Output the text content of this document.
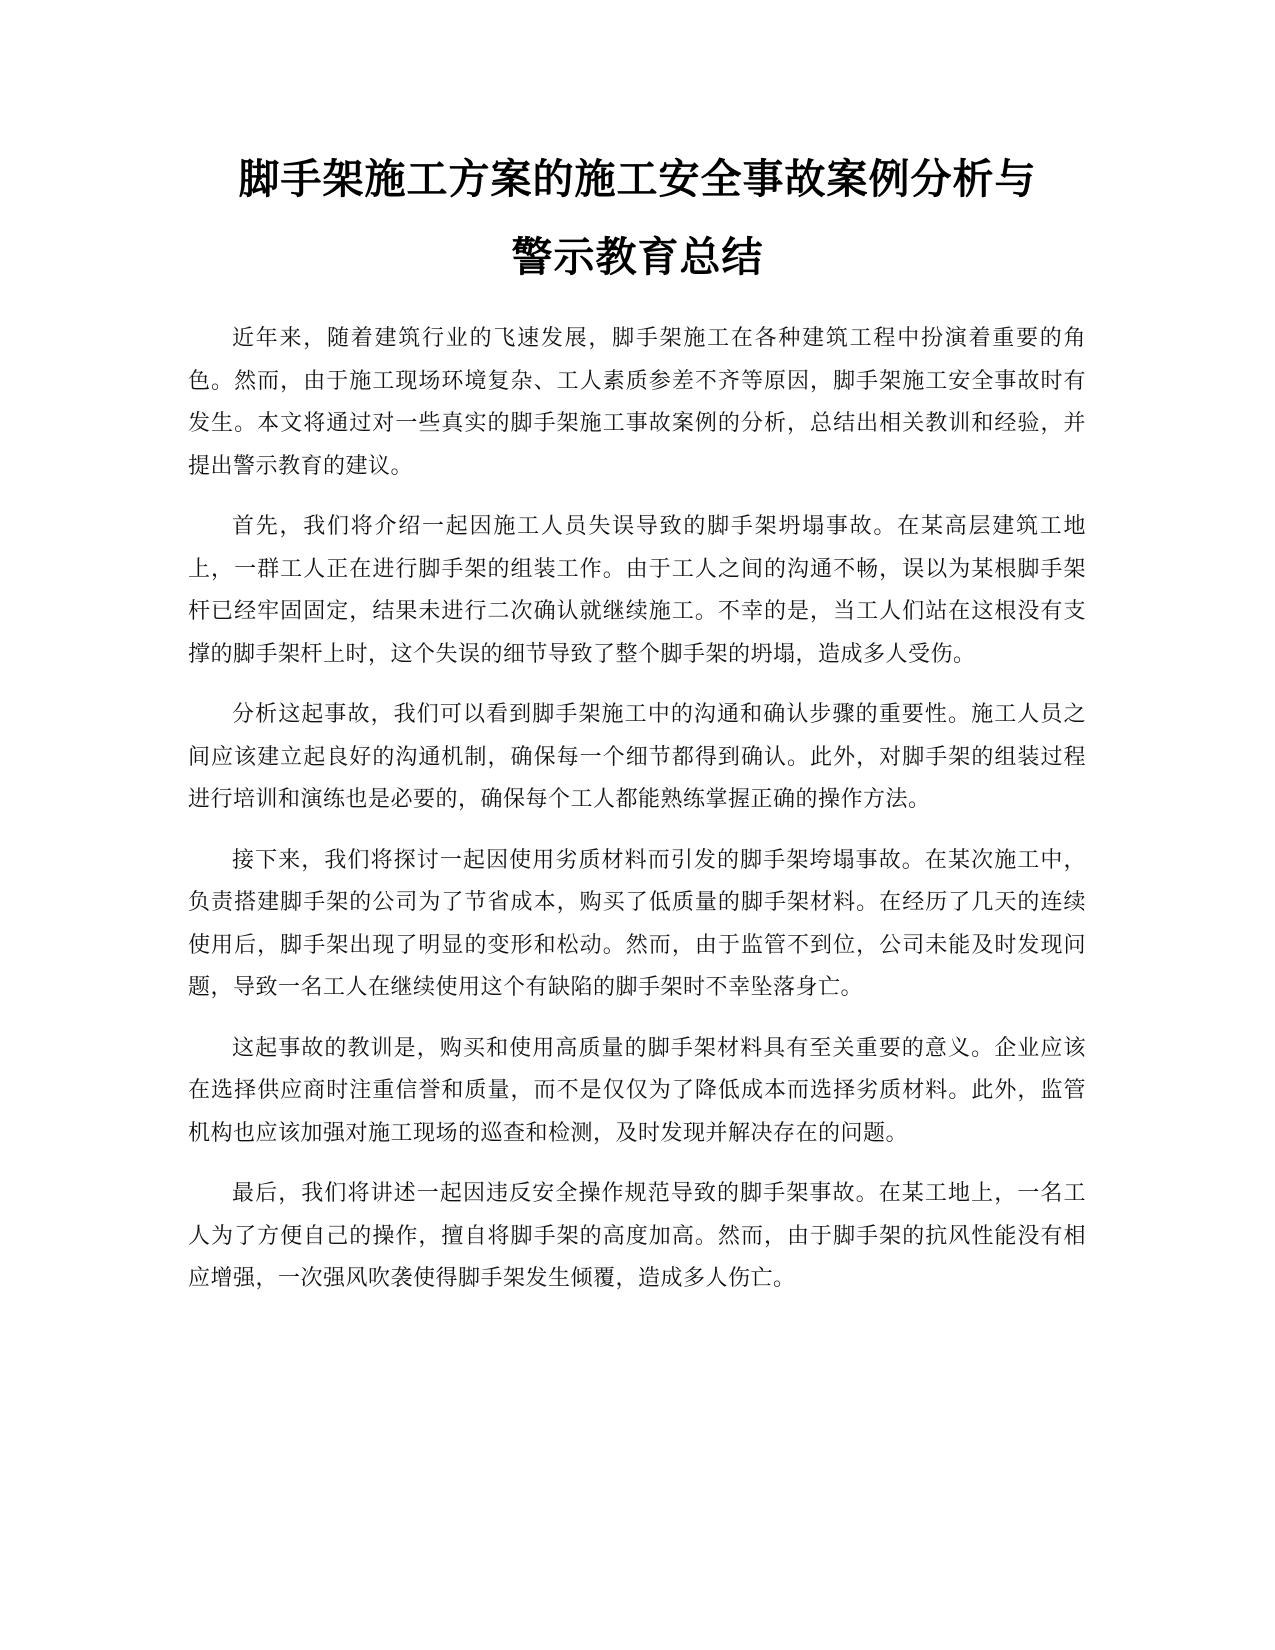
脚手架施工方案的施工安全事故案例分析与
警示教育总结

近年来，随着建筑行业的飞速发展，脚手架施工在各种建筑工程中扮演着重要的角色。然而，由于施工现场环境复杂、工人素质参差不齐等原因，脚手架施工安全事故时有发生。本文将通过对一些真实的脚手架施工事故案例的分析，总结出相关教训和经验，并提出警示教育的建议。

首先，我们将介绍一起因施工人员失误导致的脚手架坍塌事故。在某高层建筑工地上，一群工人正在进行脚手架的组装工作。由于工人之间的沟通不畅，误以为某根脚手架杆已经牢固固定，结果未进行二次确认就继续施工。不幸的是，当工人们站在这根没有支撑的脚手架杆上时，这个失误的细节导致了整个脚手架的坍塌，造成多人受伤。

分析这起事故，我们可以看到脚手架施工中的沟通和确认步骤的重要性。施工人员之间应该建立起良好的沟通机制，确保每一个细节都得到确认。此外，对脚手架的组装过程进行培训和演练也是必要的，确保每个工人都能熟练掌握正确的操作方法。

接下来，我们将探讨一起因使用劣质材料而引发的脚手架垮塌事故。在某次施工中，负责搭建脚手架的公司为了节省成本，购买了低质量的脚手架材料。在经历了几天的连续使用后，脚手架出现了明显的变形和松动。然而，由于监管不到位，公司未能及时发现问题，导致一名工人在继续使用这个有缺陷的脚手架时不幸坠落身亡。

这起事故的教训是，购买和使用高质量的脚手架材料具有至关重要的意义。企业应该在选择供应商时注重信誉和质量，而不是仅仅为了降低成本而选择劣质材料。此外，监管机构也应该加强对施工现场的巡查和检测，及时发现并解决存在的问题。

最后，我们将讲述一起因违反安全操作规范导致的脚手架事故。在某工地上，一名工人为了方便自己的操作，擅自将脚手架的高度加高。然而，由于脚手架的抗风性能没有相应增强，一次强风吹袭使得脚手架发生倾覆，造成多人伤亡。
